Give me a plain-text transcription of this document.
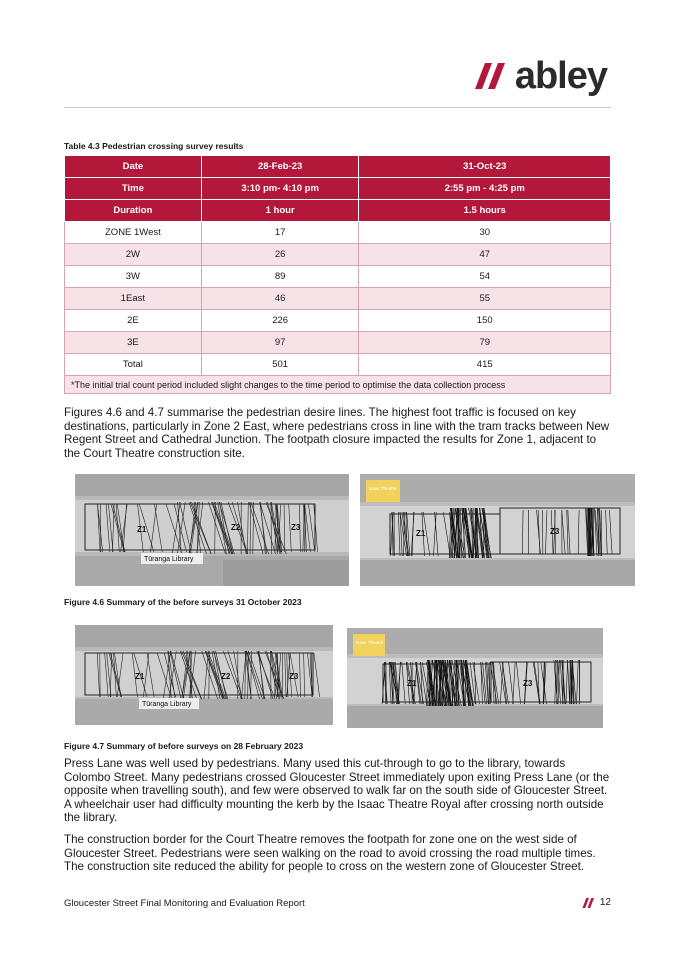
abley
Table 4.3 Pedestrian crossing survey results
Date	28-Feb-23	31-Oct-23
Time	3:10 pm- 4:10 pm	2:55 pm - 4:25 pm
Duration	1 hour	1.5 hours
ZONE 1West	17	30
2W	26	47
3W	89	54
1East	46	55
2E	226	150
3E	97	79
Total	501	415
*The initial trial count period included slight changes to the time period to optimise the data collection process		

Figures 4.6 and 4.7 summarise the pedestrian desire lines. The highest foot traffic is focused on key destinations, particularly in Zone 2 East, where pedestrians cross in line with the tram tracks between New Regent Street and Cathedral Junction. The footpath closure impacted the results for Zone 1, adjacent to the Court Theatre construction site.

Z1	Z2	Z3
Tūranga Library
Isaac Theatre
Z1	Z3
Figure 4.6 Summary of the before surveys 31 October 2023
Z1	Z2	Z3
Tūranga Library
Isaac Theatre
Z1	Z3
Figure 4.7 Summary of before surveys on 28 February 2023

Press Lane was well used by pedestrians. Many used this cut-through to go to the library, towards Colombo Street. Many pedestrians crossed Gloucester Street immediately upon exiting Press Lane (or the opposite when travelling south), and few were observed to walk far on the south side of Gloucester Street. A wheelchair user had difficulty mounting the kerb by the Isaac Theatre Royal after crossing north outside the library.

The construction border for the Court Theatre removes the footpath for zone one on the west side of Gloucester Street. Pedestrians were seen walking on the road to avoid crossing the road multiple times. The construction site reduced the ability for people to cross on the western zone of Gloucester Street.

Gloucester Street Final Monitoring and Evaluation Report	12
